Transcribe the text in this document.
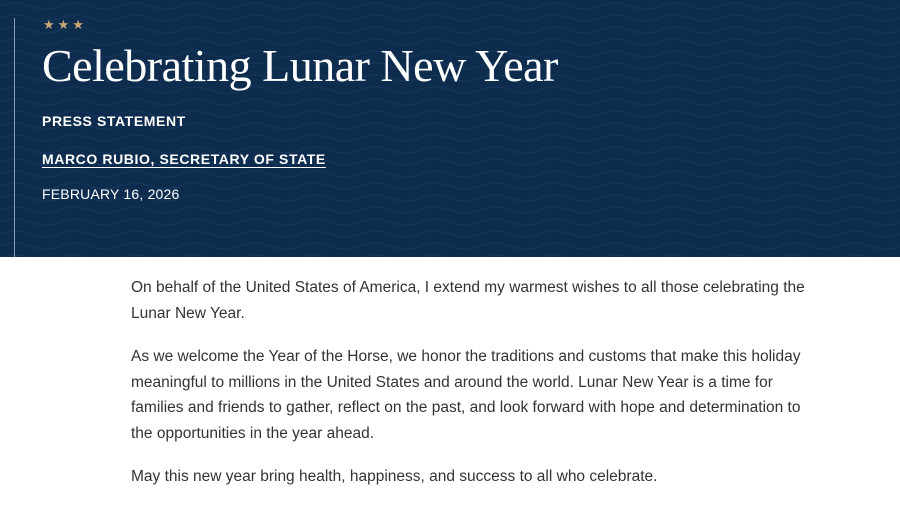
★★★
Celebrating Lunar New Year
PRESS STATEMENT
MARCO RUBIO, SECRETARY OF STATE
FEBRUARY 16, 2026

On behalf of the United States of America, I extend my warmest wishes to all those celebrating the Lunar New Year.

As we welcome the Year of the Horse, we honor the traditions and customs that make this holiday meaningful to millions in the United States and around the world. Lunar New Year is a time for families and friends to gather, reflect on the past, and look forward with hope and determination to the opportunities in the year ahead.

May this new year bring health, happiness, and success to all who celebrate.
